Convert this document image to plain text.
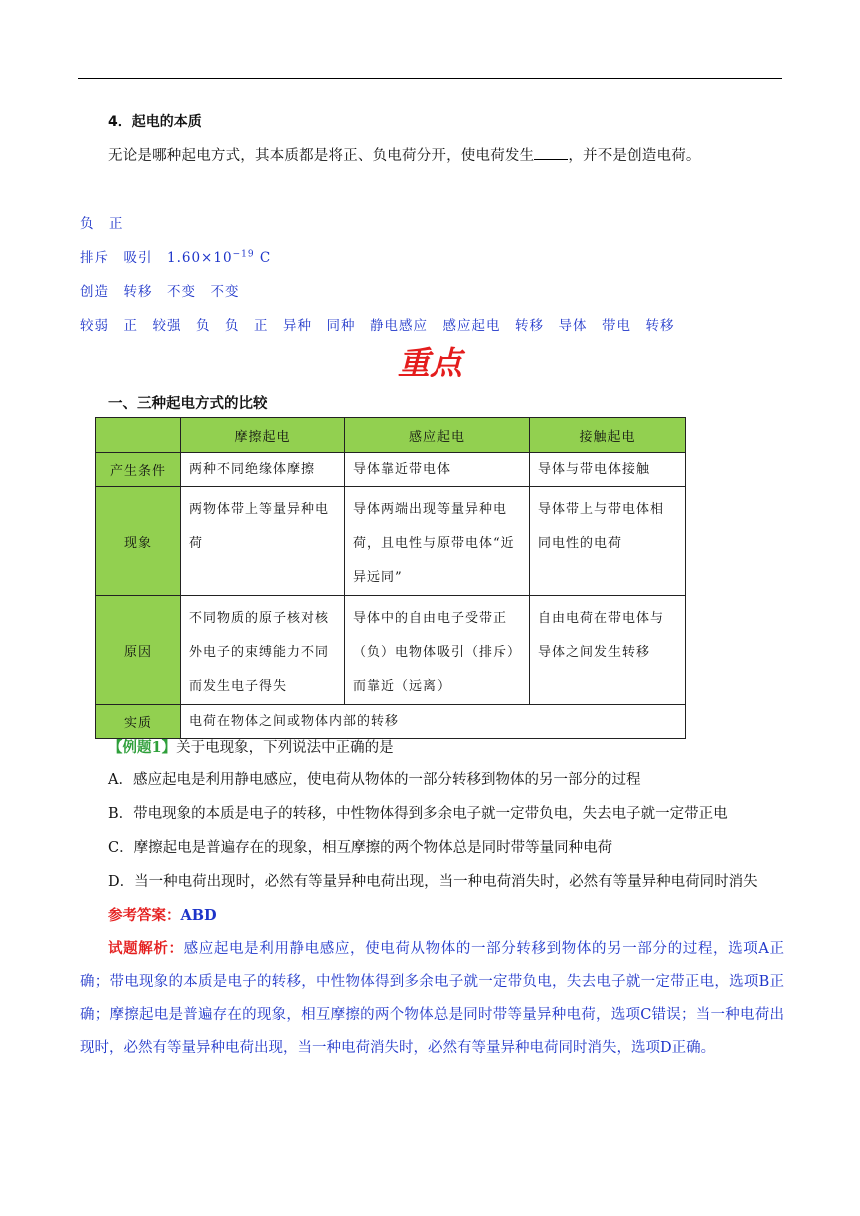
4．起电的本质
无论是哪种起电方式，其本质都是将正、负电荷分开，使电荷发生 ，并不是创造电荷。
负　正
排斥　吸引　$1.60\times 10^{-19}$ C
创造　转移　不变　不变
较弱　正　较强　负　负　正　异种　同种　静电感应　感应起电　转移　导体　带电　转移
重点
一、三种起电方式的比较
	摩擦起电	感应起电	接触起电
产生条件	两种不同绝缘体摩擦	导体靠近带电体	导体与带电体接触

现象	两物体带上等量异种电荷	导体两端出现等量异种电荷，且电性与原带电体“近异远同”	导体带上与带电体相同电性的电荷

原因	不同物质的原子核对核外电子的束缚能力不同而发生电子得失	导体中的自由电子受带正（负）电物体吸引（排斥）而靠近（远离）	自由电荷在带电体与导体之间发生转移

实质	电荷在物体之间或物体内部的转移		
【例题1】关于电现象，下列说法中正确的是
A．感应起电是利用静电感应，使电荷从物体的一部分转移到物体的另一部分的过程
B．带电现象的本质是电子的转移，中性物体得到多余电子就一定带负电，失去电子就一定带正电
C．摩擦起电是普遍存在的现象，相互摩擦的两个物体总是同时带等量同种电荷
D．当一种电荷出现时，必然有等量异种电荷出现，当一种电荷消失时，必然有等量异种电荷同时消失
参考答案：ABD
试题解析：感应起电是利用静电感应，使电荷从物体的一部分转移到物体的另一部分的过程，选项A正确；带电现象的本质是电子的转移，中性物体得到多余电子就一定带负电，失去电子就一定带正电，选项B正确；摩擦起电是普遍存在的现象，相互摩擦的两个物体总是同时带等量异种电荷，选项C错误；当一种电荷出现时，必然有等量异种电荷出现，当一种电荷消失时，必然有等量异种电荷同时消失，选项D正确。
